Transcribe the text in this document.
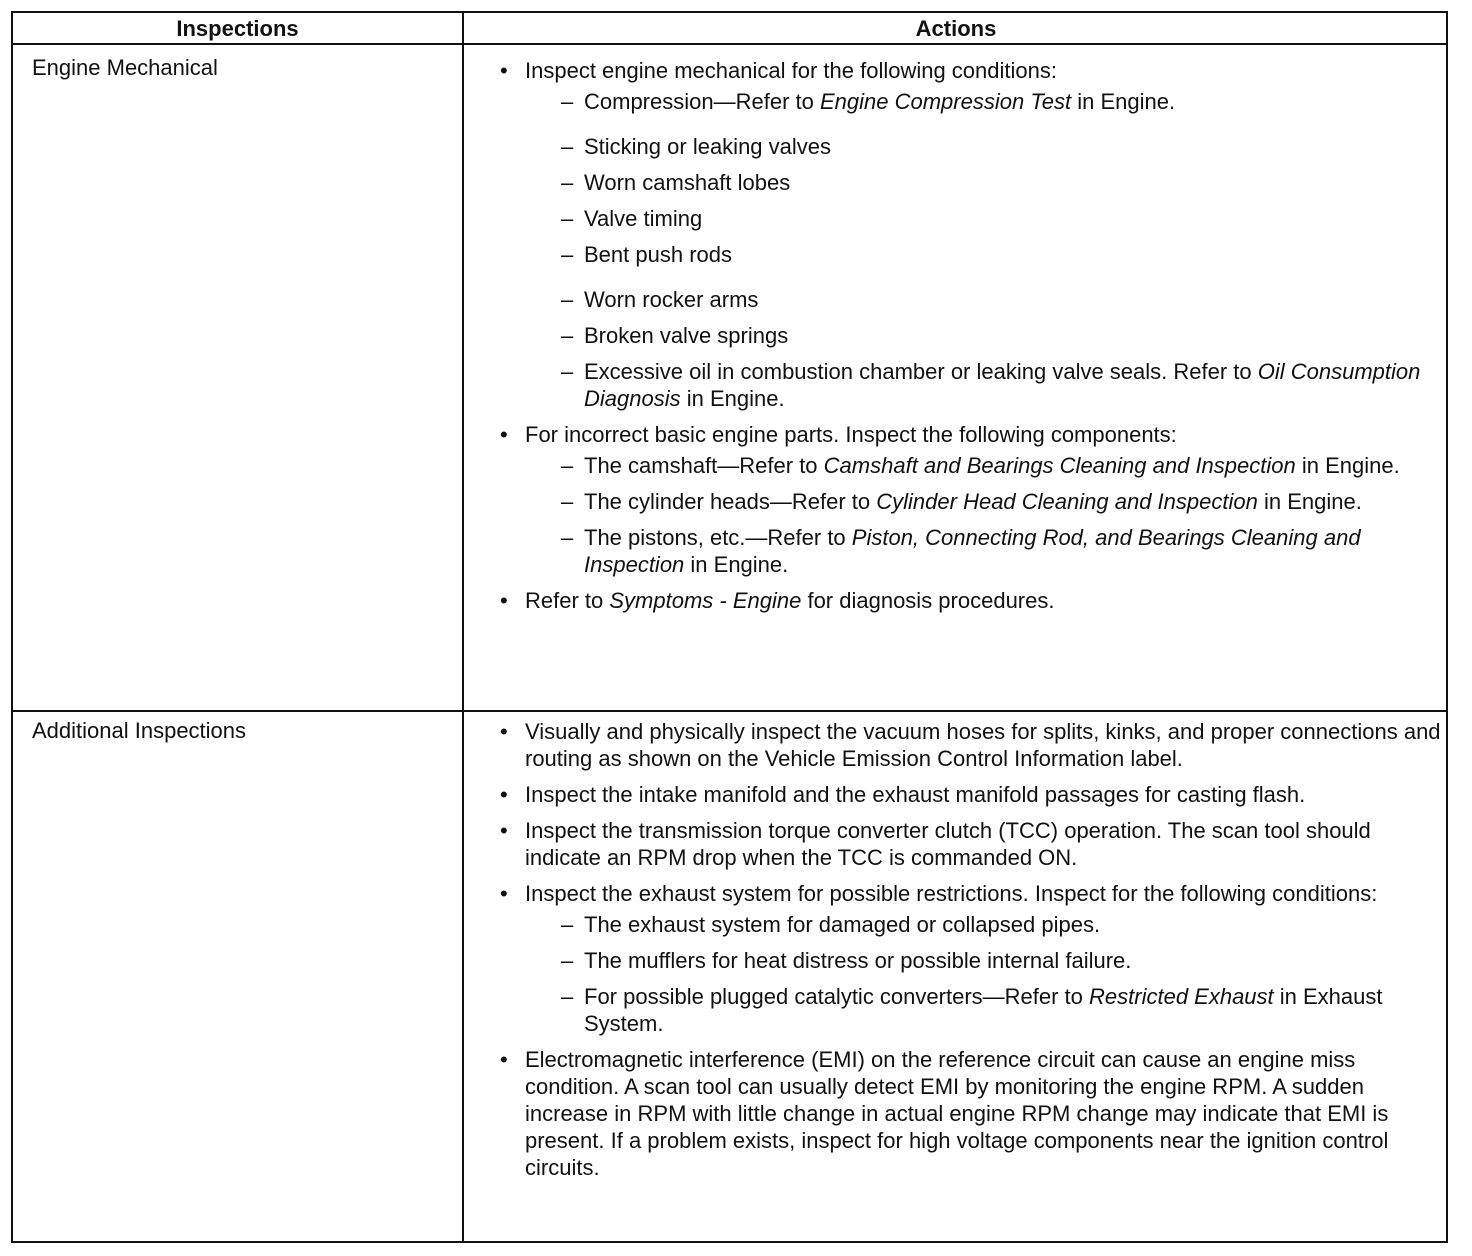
Inspections	Actions
Engine Mechanical	• Inspect engine mechanical for the following conditions:
– Compression—Refer to Engine Compression Test in Engine.
– Sticking or leaking valves
– Worn camshaft lobes
– Valve timing
– Bent push rods
– Worn rocker arms
– Broken valve springs
– Excessive oil in combustion chamber or leaking valve seals. Refer to Oil Consumption Diagnosis in Engine.
• For incorrect basic engine parts. Inspect the following components:
– The camshaft—Refer to Camshaft and Bearings Cleaning and Inspection in Engine.
– The cylinder heads—Refer to Cylinder Head Cleaning and Inspection in Engine.
– The pistons, etc.—Refer to Piston, Connecting Rod, and Bearings Cleaning and Inspection in Engine.
• Refer to Symptoms - Engine for diagnosis procedures.
Additional Inspections	• Visually and physically inspect the vacuum hoses for splits, kinks, and proper connections and routing as shown on the Vehicle Emission Control Information label.
• Inspect the intake manifold and the exhaust manifold passages for casting flash.
• Inspect the transmission torque converter clutch (TCC) operation. The scan tool should indicate an RPM drop when the TCC is commanded ON.
• Inspect the exhaust system for possible restrictions. Inspect for the following conditions:
– The exhaust system for damaged or collapsed pipes.
– The mufflers for heat distress or possible internal failure.
– For possible plugged catalytic converters—Refer to Restricted Exhaust in Exhaust System.
• Electromagnetic interference (EMI) on the reference circuit can cause an engine miss condition. A scan tool can usually detect EMI by monitoring the engine RPM. A sudden increase in RPM with little change in actual engine RPM change may indicate that EMI is present. If a problem exists, inspect for high voltage components near the ignition control circuits.
